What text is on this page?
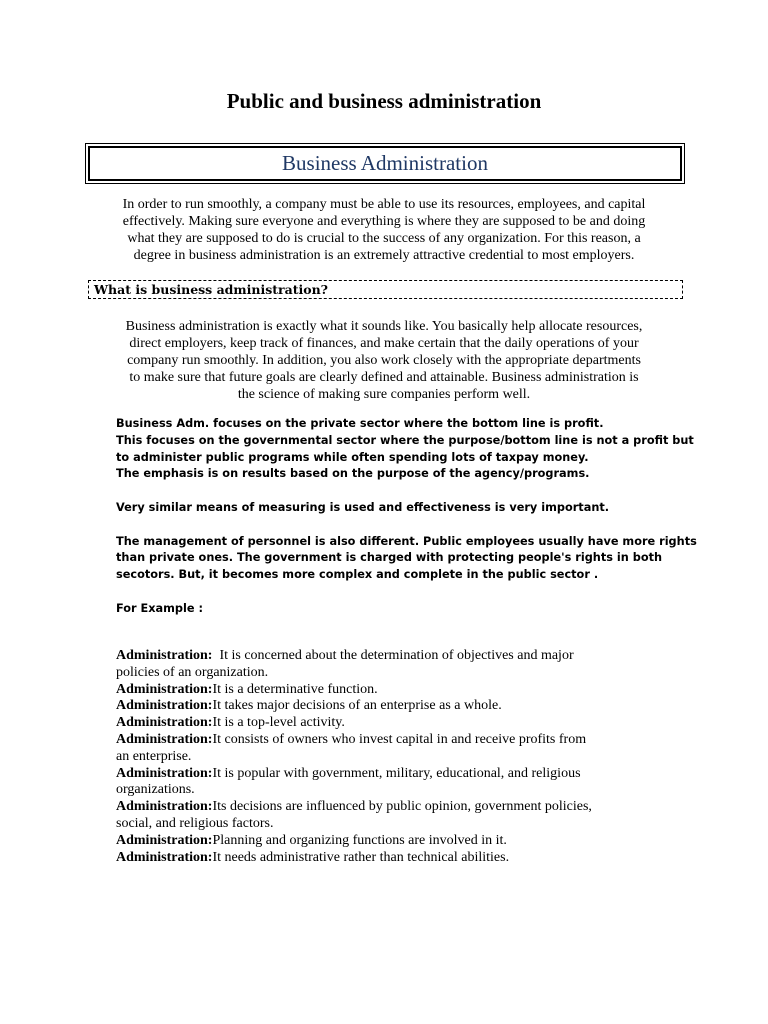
Public and business administration
Business Administration
In order to run smoothly, a company must be able to use its resources, employees, and capital
effectively. Making sure everyone and everything is where they are supposed to be and doing
what they are supposed to do is crucial to the success of any organization. For this reason, a
degree in business administration is an extremely attractive credential to most employers.
What is business administration?
Business administration is exactly what it sounds like. You basically help allocate resources,
direct employers, keep track of finances, and make certain that the daily operations of your
company run smoothly. In addition, you also work closely with the appropriate departments
to make sure that future goals are clearly defined and attainable. Business administration is
the science of making sure companies perform well.
Business Adm. focuses on the private sector where the bottom line is profit.
This focuses on the governmental sector where the purpose/bottom line is not a profit but
to administer public programs while often spending lots of taxpay money.
The emphasis is on results based on the purpose of the agency/programs.
Very similar means of measuring is used and effectiveness is very important.
The management of personnel is also different. Public employees usually have more rights
than private ones. The government is charged with protecting people's rights in both
secotors. But, it becomes more complex and complete in the public sector .
For Example :
Administration:  It is concerned about the determination of objectives and major
policies of an organization.
Administration:It is a determinative function.
Administration:It takes major decisions of an enterprise as a whole.
Administration:It is a top-level activity.
Administration:It consists of owners who invest capital in and receive profits from
an enterprise.
Administration:It is popular with government, military, educational, and religious
organizations.
Administration:Its decisions are influenced by public opinion, government policies,
social, and religious factors.
Administration:Planning and organizing functions are involved in it.
Administration:It needs administrative rather than technical abilities.
